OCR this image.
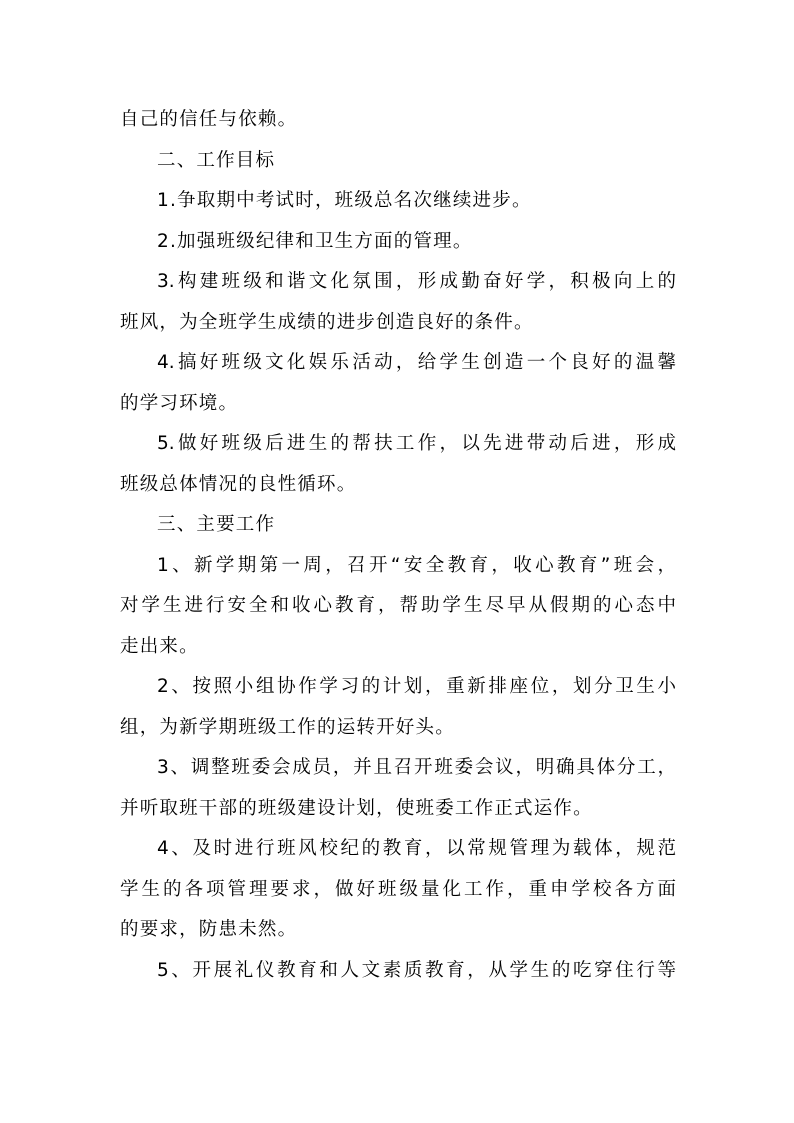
自己的信任与依赖。
二、工作目标
1.争取期中考试时，班级总名次继续进步。
2.加强班级纪律和卫生方面的管理。
3.构建班级和谐文化氛围，形成勤奋好学，积极向上的
班风，为全班学生成绩的进步创造良好的条件。
4.搞好班级文化娱乐活动，给学生创造一个良好的温馨
的学习环境。
5.做好班级后进生的帮扶工作，以先进带动后进，形成
班级总体情况的良性循环。
三、主要工作
1、新学期第一周，召开“安全教育，收心教育”班会，
对学生进行安全和收心教育，帮助学生尽早从假期的心态中
走出来。
2、按照小组协作学习的计划，重新排座位，划分卫生小
组，为新学期班级工作的运转开好头。
3、调整班委会成员，并且召开班委会议，明确具体分工，
并听取班干部的班级建设计划，使班委工作正式运作。
4、及时进行班风校纪的教育，以常规管理为载体，规范
学生的各项管理要求，做好班级量化工作，重申学校各方面
的要求，防患未然。
5、开展礼仪教育和人文素质教育，从学生的吃穿住行等
